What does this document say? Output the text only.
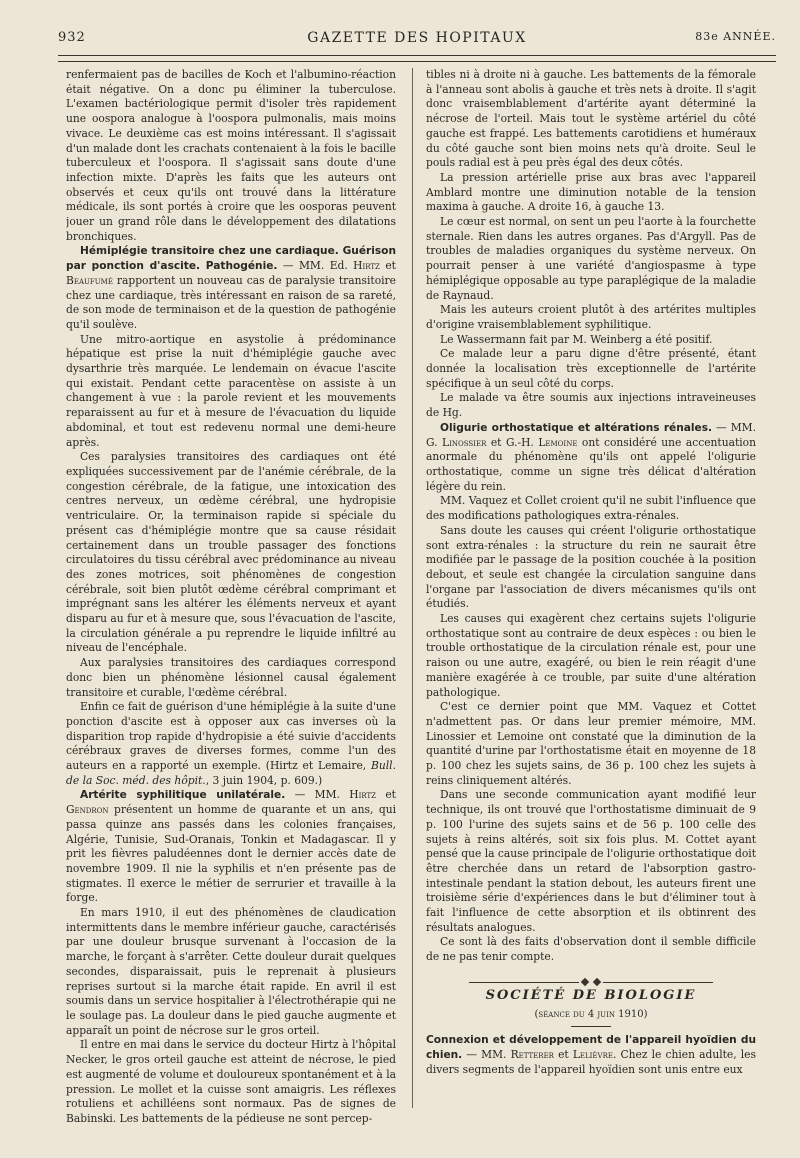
932	GAZETTE DES HOPITAUX	83e ANNÉE.

renfermaient pas de bacilles de Koch et l'albumino-réaction était négative. On a donc pu éliminer la tuberculose. L'examen bactériologique permit d'isoler très rapidement une oospora analogue à l'oospora pulmonalis, mais moins vivace. Le deuxième cas est moins intéressant. Il s'agissait d'un malade dont les crachats contenaient à la fois le bacille tuberculeux et l'oospora. Il s'agissait sans doute d'une infection mixte. D'après les faits que les auteurs ont observés et ceux qu'ils ont trouvé dans la littérature médicale, ils sont portés à croire que les oosporas peuvent jouer un grand rôle dans le développement des dilatations bronchiques.

Hémiplégie transitoire chez une cardiaque. Guérison par ponction d'ascite. Pathogénie. — MM. Ed. Hirtz et Beaufumé rapportent un nouveau cas de paralysie transitoire chez une cardiaque, très intéressant en raison de sa rareté, de son mode de terminaison et de la question de pathogénie qu'il soulève.

Une mitro-aortique en asystolie à prédominance hépatique est prise la nuit d'hémiplégie gauche avec dysarthrie très marquée. Le lendemain on évacue l'ascite qui existait. Pendant cette paracentèse on assiste à un changement à vue : la parole revient et les mouvements reparaissent au fur et à mesure de l'évacuation du liquide abdominal, et tout est redevenu normal une demi-heure après.

Ces paralysies transitoires des cardiaques ont été expliquées successivement par de l'anémie cérébrale, de la congestion cérébrale, de la fatigue, une intoxication des centres nerveux, un œdème cérébral, une hydropisie ventriculaire. Or, la terminaison rapide si spéciale du présent cas d'hémiplégie montre que sa cause résidait certainement dans un trouble passager des fonctions circulatoires du tissu cérébral avec prédominance au niveau des zones motrices, soit phénomènes de congestion cérébrale, soit bien plutôt œdème cérébral comprimant et imprégnant sans les altérer les éléments nerveux et ayant disparu au fur et à mesure que, sous l'évacuation de l'ascite, la circulation générale a pu reprendre le liquide infiltré au niveau de l'encéphale.

Aux paralysies transitoires des cardiaques correspond donc bien un phénomène lésionnel causal également transitoire et curable, l'œdème cérébral.

Enfin ce fait de guérison d'une hémiplégie à la suite d'une ponction d'ascite est à opposer aux cas inverses où la disparition trop rapide d'hydropisie a été suivie d'accidents cérébraux graves de diverses formes, comme l'un des auteurs en a rapporté un exemple. (Hirtz et Lemaire, Bull. de la Soc. méd. des hôpit., 3 juin 1904, p. 609.)

Artérite syphilitique unilatérale. — MM. Hirtz et Gendron présentent un homme de quarante et un ans, qui passa quinze ans passés dans les colonies françaises, Algérie, Tunisie, Sud-Oranais, Tonkin et Madagascar. Il y prit les fièvres paludéennes dont le dernier accès date de novembre 1909. Il nie la syphilis et n'en présente pas de stigmates. Il exerce le métier de serrurier et travaille à la forge.

En mars 1910, il eut des phénomènes de claudication intermittents dans le membre inférieur gauche, caractérisés par une douleur brusque survenant à l'occasion de la marche, le forçant à s'arrêter. Cette douleur durait quelques secondes, disparaissait, puis le reprenait à plusieurs reprises surtout si la marche était rapide. En avril il est soumis dans un service hospitalier à l'électrothérapie qui ne le soulage pas. La douleur dans le pied gauche augmente et apparaît un point de nécrose sur le gros orteil.

Il entre en mai dans le service du docteur Hirtz à l'hôpital Necker, le gros orteil gauche est atteint de nécrose, le pied est augmenté de volume et douloureux spontanément et à la pression. Le mollet et la cuisse sont amaigris. Les réflexes rotuliens et achilléens sont normaux. Pas de signes de Babinski. Les battements de la pédieuse ne sont percep-

tibles ni à droite ni à gauche. Les battements de la fémorale à l'anneau sont abolis à gauche et très nets à droite. Il s'agit donc vraisemblablement d'artérite ayant déterminé la nécrose de l'orteil. Mais tout le système artériel du côté gauche est frappé. Les battements carotidiens et huméraux du côté gauche sont bien moins nets qu'à droite. Seul le pouls radial est à peu près égal des deux côtés.

La pression artérielle prise aux bras avec l'appareil Amblard montre une diminution notable de la tension maxima à gauche. A droite 16, à gauche 13.

Le cœur est normal, on sent un peu l'aorte à la fourchette sternale. Rien dans les autres organes. Pas d'Argyll. Pas de troubles de maladies organiques du système nerveux. On pourrait penser à une variété d'angiospasme à type hémiplégique opposable au type paraplégique de la maladie de Raynaud.

Mais les auteurs croient plutôt à des artérites multiples d'origine vraisemblablement syphilitique.

Le Wassermann fait par M. Weinberg a été positif.

Ce malade leur a paru digne d'être présenté, étant donnée la localisation très exceptionnelle de l'artérite spécifique à un seul côté du corps.

Le malade va être soumis aux injections intraveineuses de Hg.

Oligurie orthostatique et altérations rénales. — MM. G. Linossier et G.-H. Lemoine ont considéré une accentuation anormale du phénomène qu'ils ont appelé l'oligurie orthostatique, comme un signe très délicat d'altération légère du rein.

MM. Vaquez et Collet croient qu'il ne subit l'influence que des modifications pathologiques extra-rénales.

Sans doute les causes qui créent l'oligurie orthostatique sont extra-rénales : la structure du rein ne saurait être modifiée par le passage de la position couchée à la position debout, et seule est changée la circulation sanguine dans l'organe par l'association de divers mécanismes qu'ils ont étudiés.

Les causes qui exagèrent chez certains sujets l'oligurie orthostatique sont au contraire de deux espèces : ou bien le trouble orthostatique de la circulation rénale est, pour une raison ou une autre, exagéré, ou bien le rein réagit d'une manière exagérée à ce trouble, par suite d'une altération pathologique.

C'est ce dernier point que MM. Vaquez et Cottet n'admettent pas. Or dans leur premier mémoire, MM. Linossier et Lemoine ont constaté que la diminution de la quantité d'urine par l'orthostatisme était en moyenne de 18 p. 100 chez les sujets sains, de 36 p. 100 chez les sujets à reins cliniquement altérés.

Dans une seconde communication ayant modifié leur technique, ils ont trouvé que l'orthostatisme diminuait de 9 p. 100 l'urine des sujets sains et de 56 p. 100 celle des sujets à reins altérés, soit six fois plus. M. Cottet ayant pensé que la cause principale de l'oligurie orthostatique doit être cherchée dans un retard de l'absorption gastro-intestinale pendant la station debout, les auteurs firent une troisième série d'expériences dans le but d'éliminer tout à fait l'influence de cette absorption et ils obtinrent des résultats analogues.

Ce sont là des faits d'observation dont il semble difficile de ne pas tenir compte.

SOCIÉTÉ DE BIOLOGIE
(séance du 4 juin 1910)

Connexion et développement de l'appareil hyoïdien du chien. — MM. Retterer et Lelièvre. Chez le chien adulte, les divers segments de l'appareil hyoïdien sont unis entre eux
